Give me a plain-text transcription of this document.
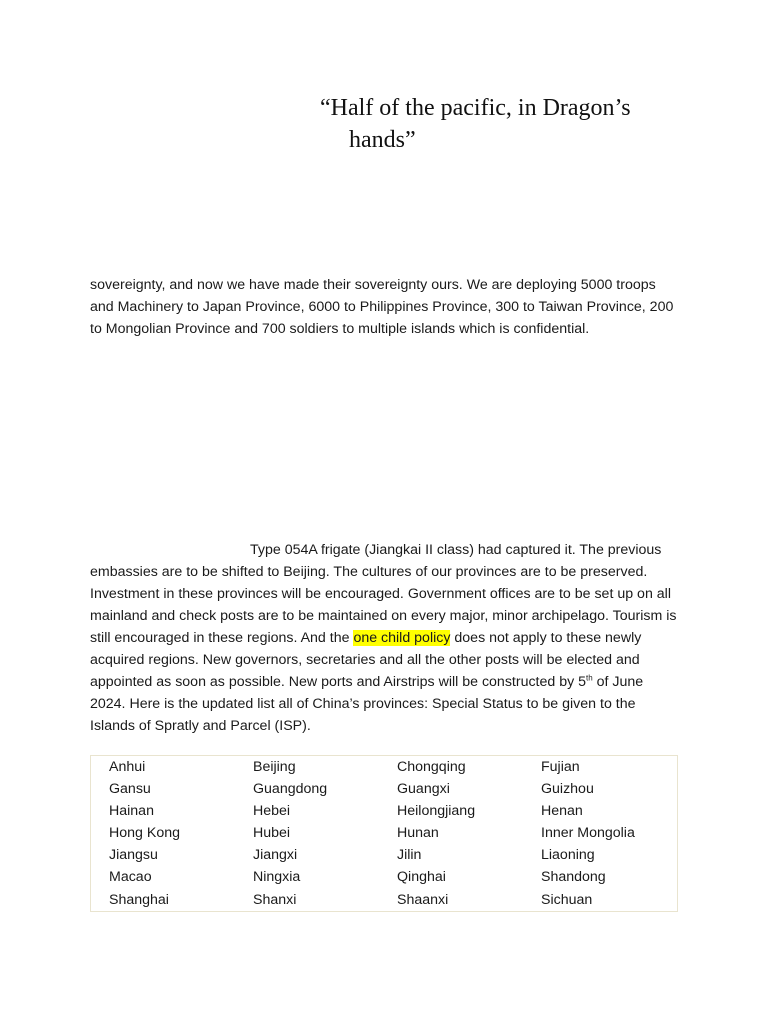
“Half of the pacific, in Dragon’s
hands”

sovereignty, and now we have made their sovereignty ours. We are deploying 5000 troops and Machinery to Japan Province, 6000 to Philippines Province, 300 to Taiwan Province, 200 to Mongolian Province and 700 soldiers to multiple islands which is confidential.

Type 054A frigate (Jiangkai II class) had captured it. The previous embassies are to be shifted to Beijing. The cultures of our provinces are to be preserved. Investment in these provinces will be encouraged. Government offices are to be set up on all mainland and check posts are to be maintained on every major, minor archipelago. Tourism is still encouraged in these regions. And the one child policy does not apply to these newly acquired regions. New governors, secretaries and all the other posts will be elected and appointed as soon as possible. New ports and Airstrips will be constructed by 5th of June 2024. Here is the updated list all of China’s provinces: Special Status to be given to the Islands of Spratly and Parcel (ISP).

Anhui	Beijing	Chongqing	Fujian
Gansu	Guangdong	Guangxi	Guizhou
Hainan	Hebei	Heilongjiang	Henan
Hong Kong	Hubei	Hunan	Inner Mongolia
Jiangsu	Jiangxi	Jilin	Liaoning
Macao	Ningxia	Qinghai	Shandong
Shanghai	Shanxi	Shaanxi	Sichuan
